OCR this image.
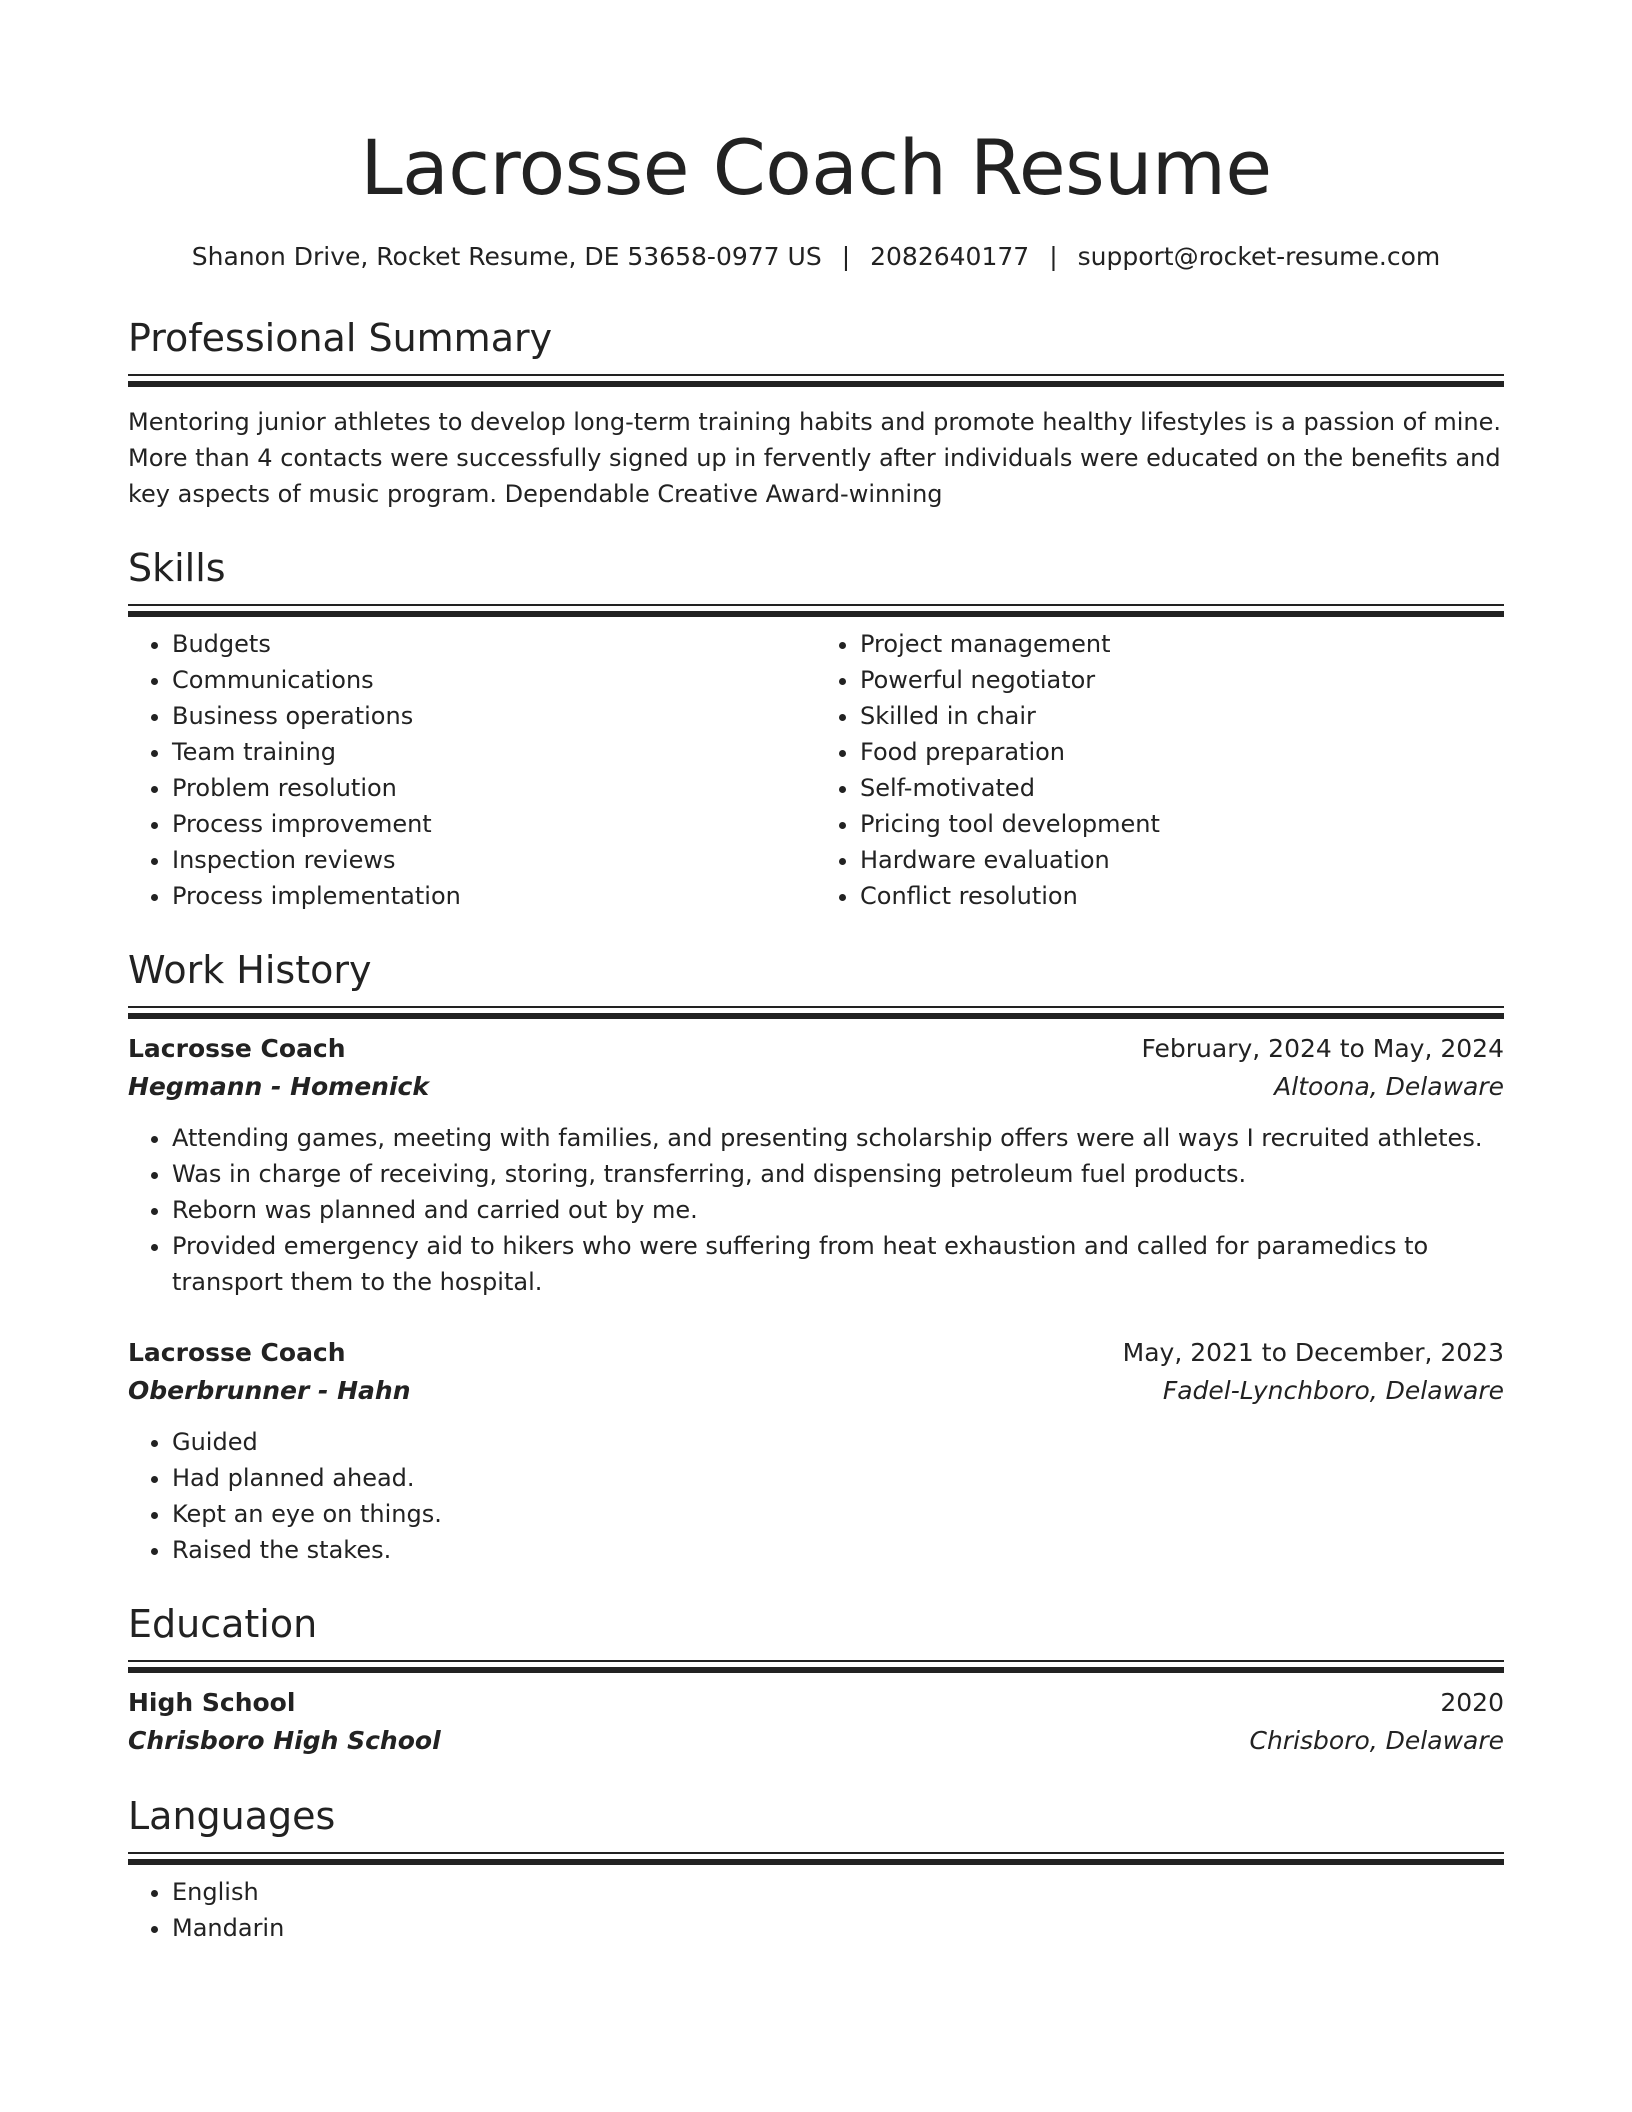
Lacrosse Coach Resume
Shanon Drive, Rocket Resume, DE 53658-0977 US | 2082640177 | support@rocket-resume.com
Professional Summary
Mentoring junior athletes to develop long-term training habits and promote healthy lifestyles is a passion of mine. More than 4 contacts were successfully signed up in fervently after individuals were educated on the benefits and key aspects of music program. Dependable Creative Award-winning
Skills
• Budgets
• Communications
• Business operations
• Team training
• Problem resolution
• Process improvement
• Inspection reviews
• Process implementation
• Project management
• Powerful negotiator
• Skilled in chair
• Food preparation
• Self-motivated
• Pricing tool development
• Hardware evaluation
• Conflict resolution
Work History
Lacrosse Coach	February, 2024 to May, 2024
Hegmann - Homenick	Altoona, Delaware
• Attending games, meeting with families, and presenting scholarship offers were all ways I recruited athletes.
• Was in charge of receiving, storing, transferring, and dispensing petroleum fuel products.
• Reborn was planned and carried out by me.
• Provided emergency aid to hikers who were suffering from heat exhaustion and called for paramedics to transport them to the hospital.
Lacrosse Coach	May, 2021 to December, 2023
Oberbrunner - Hahn	Fadel-Lynchboro, Delaware
• Guided
• Had planned ahead.
• Kept an eye on things.
• Raised the stakes.
Education
High School	2020
Chrisboro High School	Chrisboro, Delaware
Languages
• English
• Mandarin
